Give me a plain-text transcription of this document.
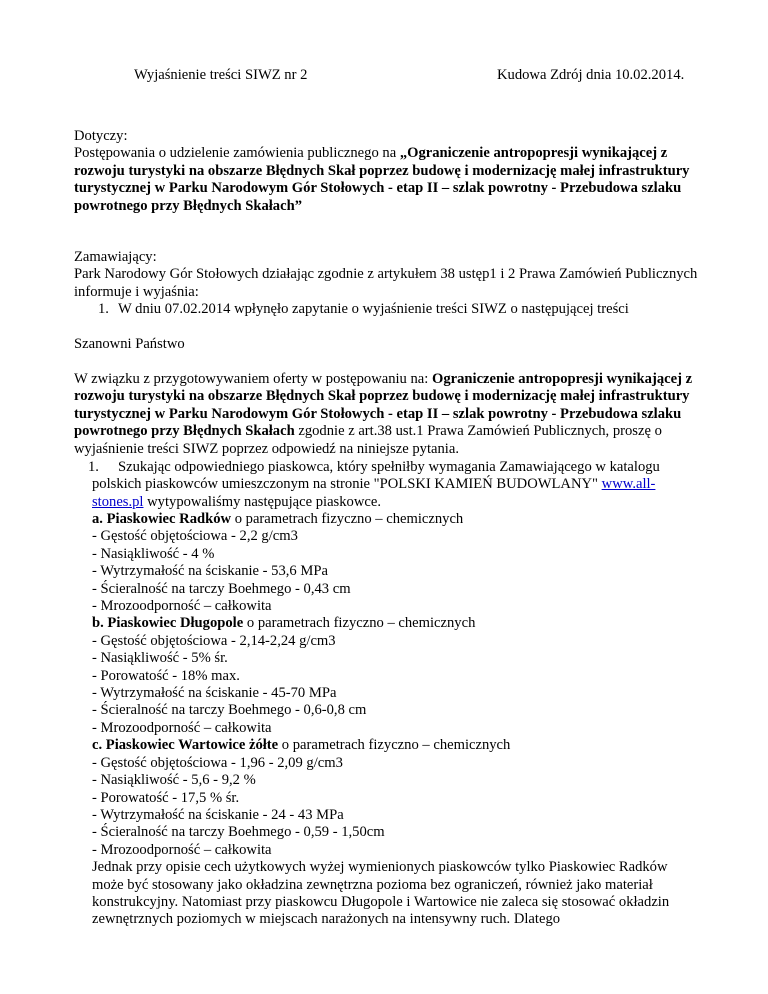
Wyjaśnienie treści SIWZ nr 2	Kudowa Zdrój dnia 10.02.2014.

Dotyczy:

Postępowania o udzielenie zamówienia publicznego na „Ograniczenie antropopresji wynikającej z rozwoju turystyki na obszarze Błędnych Skał poprzez budowę i modernizację małej infrastruktury turystycznej w Parku Narodowym Gór Stołowych - etap II – szlak powrotny - Przebudowa szlaku powrotnego przy Błędnych Skałach”

Zamawiający:

Park Narodowy Gór Stołowych działając zgodnie z artykułem 38 ustęp1 i 2 Prawa Zamówień Publicznych informuje i wyjaśnia:

1. W dniu 07.02.2014 wpłynęło zapytanie o wyjaśnienie treści SIWZ o następującej treści
Szanowni Państwo

W związku z przygotowywaniem oferty w postępowaniu na: Ograniczenie antropopresji wynikającej z rozwoju turystyki na obszarze Błędnych Skał poprzez budowę i modernizację małej infrastruktury turystycznej w Parku Narodowym Gór Stołowych - etap II – szlak powrotny - Przebudowa szlaku powrotnego przy Błędnych Skałach zgodnie z art.38 ust.1 Prawa Zamówień Publicznych, proszę o wyjaśnienie treści SIWZ poprzez odpowiedź na niniejsze pytania.

1.	Szukając odpowiedniego piaskowca, który spełniłby wymagania Zamawiającego w katalogu polskich piaskowców umieszczonym na stronie "POLSKI KAMIEŃ BUDOWLANY" www.all-stones.pl wytypowaliśmy następujące piaskowce.

a. Piaskowiec Radków o parametrach fizyczno – chemicznych

- Gęstość objętościowa - 2,2 g/cm3

- Nasiąkliwość - 4 %

- Wytrzymałość na ściskanie - 53,6 MPa

- Ścieralność na tarczy Boehmego - 0,43 cm

- Mrozoodporność – całkowita

b. Piaskowiec Długopole o parametrach fizyczno – chemicznych

- Gęstość objętościowa - 2,14-2,24 g/cm3

- Nasiąkliwość - 5% śr.

- Porowatość - 18% max.

- Wytrzymałość na ściskanie - 45-70 MPa

- Ścieralność na tarczy Boehmego - 0,6-0,8 cm

- Mrozoodporność – całkowita

c. Piaskowiec Wartowice żółte o parametrach fizyczno – chemicznych

- Gęstość objętościowa - 1,96 - 2,09 g/cm3

- Nasiąkliwość - 5,6 - 9,2 %

- Porowatość - 17,5 % śr.

- Wytrzymałość na ściskanie - 24 - 43 MPa

- Ścieralność na tarczy Boehmego - 0,59 - 1,50cm

- Mrozoodporność – całkowita

Jednak przy opisie cech użytkowych wyżej wymienionych piaskowców tylko Piaskowiec Radków może być stosowany jako okładzina zewnętrzna pozioma bez ograniczeń, również jako materiał konstrukcyjny. Natomiast przy piaskowcu Długopole i Wartowice nie zaleca się stosować okładzin zewnętrznych poziomych w miejscach narażonych na intensywny ruch. Dlatego
